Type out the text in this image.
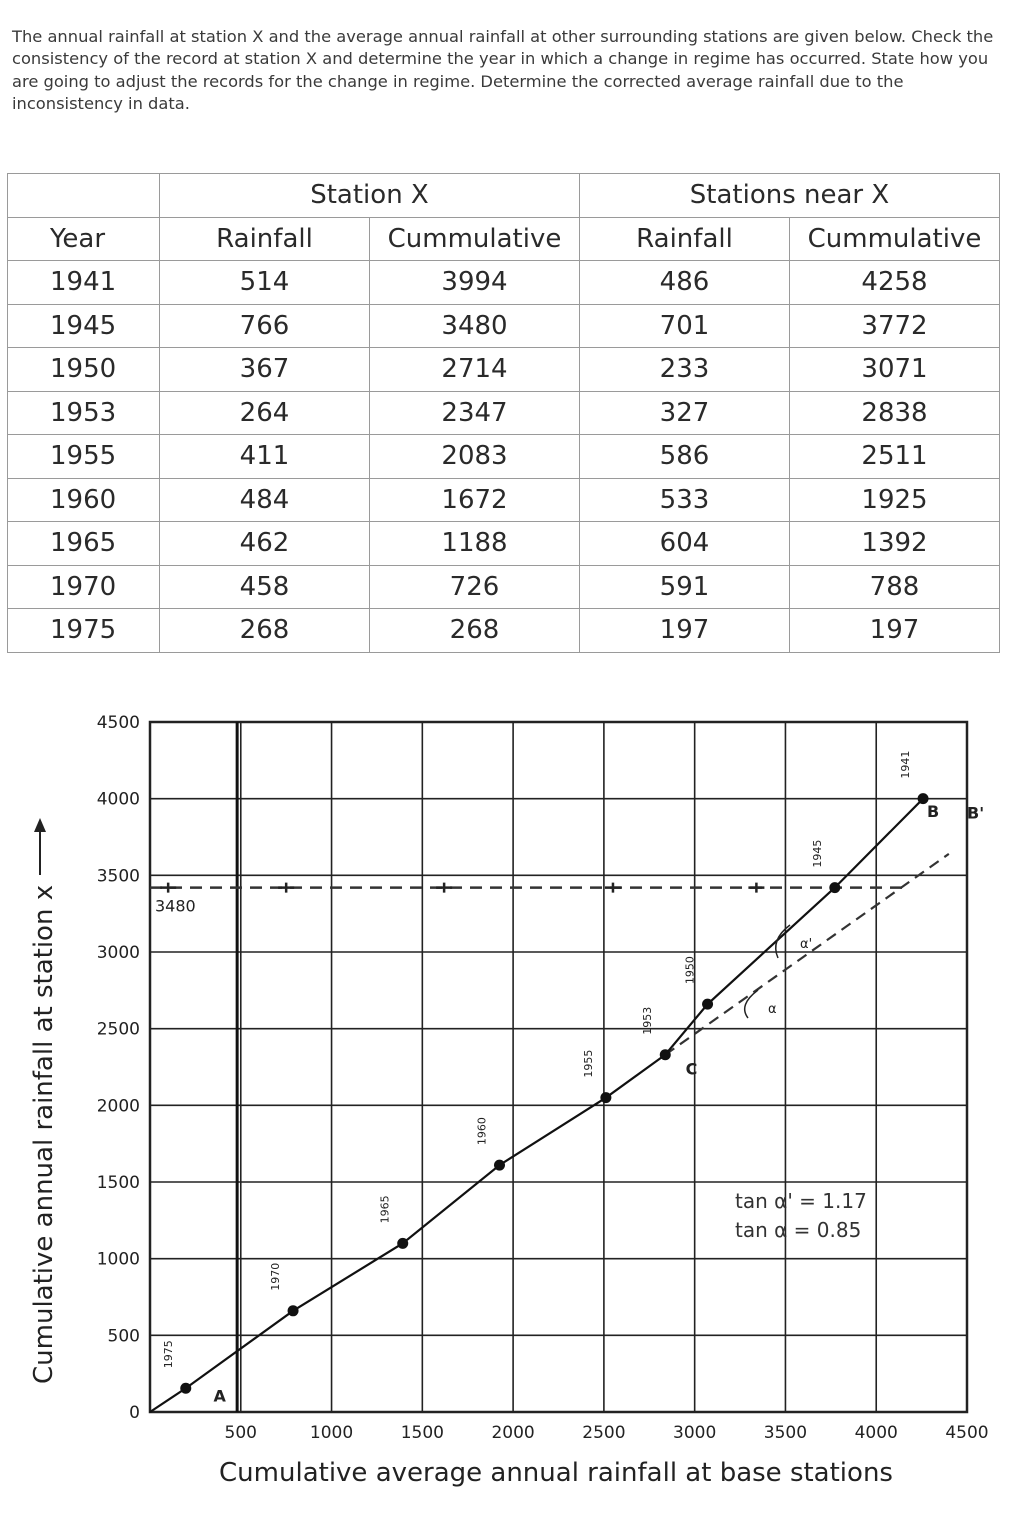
The annual rainfall at station X and the average annual rainfall at other surrounding stations are given below. Check the consistency of the record at station X and determine the year in which a change in regime has occurred. State how you are going to adjust the records for the change in regime. Determine the corrected average rainfall due to the inconsistency in data.

	Station X		Stations near X	
Year	Rainfall	Cummulative	Rainfall	Cummulative
1941	514	3994	486	4258
1945	766	3480	701	3772
1950	367	2714	233	3071
1953	264	2347	327	2838
1955	411	2083	586	2511
1960	484	1672	533	1925
1965	462	1188	604	1392
1970	458	726	591	788
1975	268	268	197	197
3480
1975
1970
1965
1960
1955
1953
1950
1945
1941
α'
α
A
B
C
B'
500	1000	1500	2000	2500	3000	3500	4000	4500
0
500
1000
1500
2000
2500
3000
3500
4000
4500
Cumulative average annual rainfall at base stations
Cumulative annual rainfall at station x	tan α' = 1.17
tan α = 0.85
